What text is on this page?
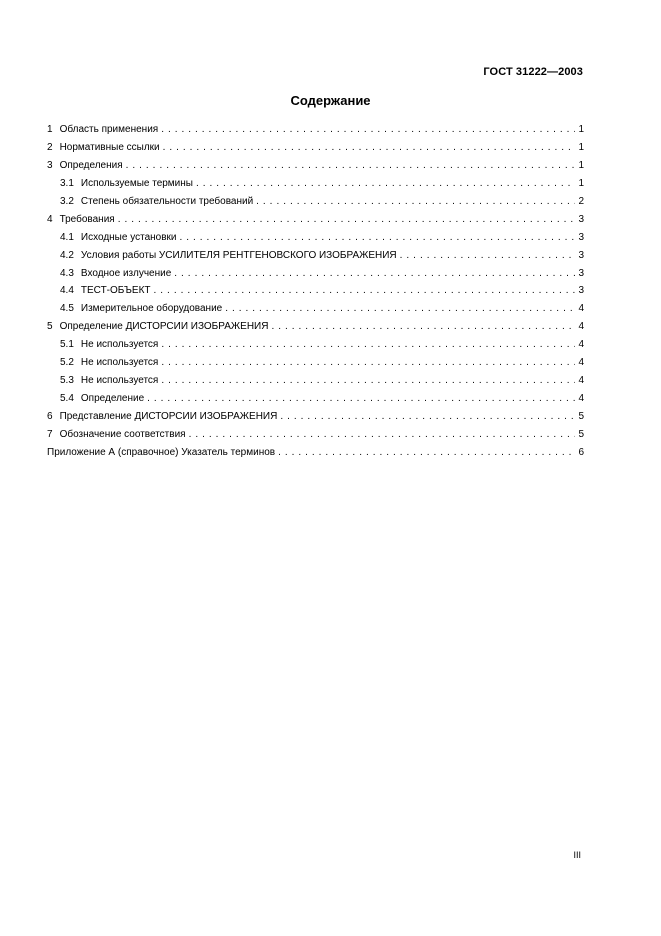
ГОСТ 31222—2003
Содержание
1 Область применения . . .	1
2 Нормативные ссылки . . .	1
3 Определения . . .	1
3.1 Используемые термины . . .	1
3.2 Степень обязательности требований . . .	2
4 Требования . . .	3
4.1 Исходные установки . . .	3
4.2 Условия работы УСИЛИТЕЛЯ РЕНТГЕНОВСКОГО ИЗОБРАЖЕНИЯ . . .	3
4.3 Входное излучение . . .	3
4.4 ТЕСТ-ОБЪЕКТ . . .	3
4.5 Измерительное оборудование . . .	4
5 Определение ДИСТОРСИИ ИЗОБРАЖЕНИЯ . . .	4
5.1 Не используется . . .	4
5.2 Не используется . . .	4
5.3 Не используется . . .	4
5.4 Определение . . .	4
6 Представление ДИСТОРСИИ ИЗОБРАЖЕНИЯ . . .	5
7 Обозначение соответствия . . .	5
Приложение А (справочное) Указатель терминов . . .	6
III
